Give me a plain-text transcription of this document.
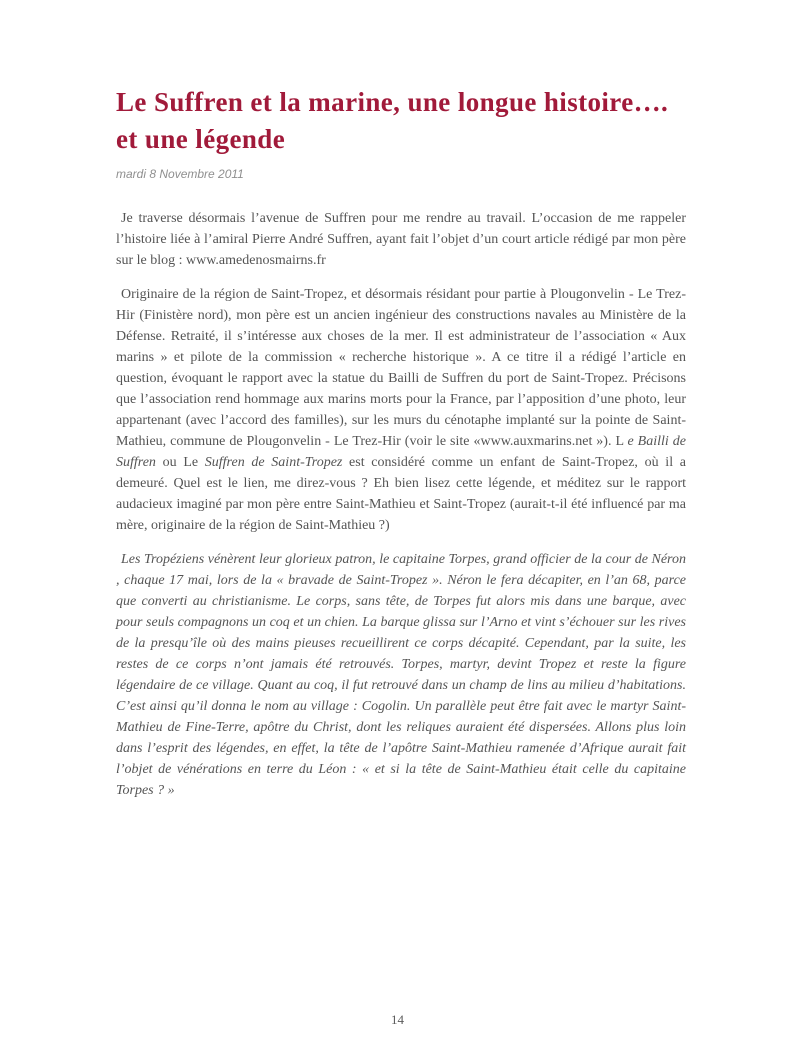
Le Suffren et la marine, une longue histoire…. et une légende
mardi 8 Novembre 2011

Je traverse désormais l’avenue de Suffren pour me rendre au travail. L’occasion de me rappeler l’histoire liée à l’amiral Pierre André Suffren, ayant fait l’objet d’un court article rédigé par mon père sur le blog : www.amedenosmairns.fr

Originaire de la région de Saint-Tropez, et désormais résidant pour partie à Plougonvelin - Le Trez-Hir (Finistère nord), mon père est un ancien ingénieur des constructions navales au Ministère de la Défense. Retraité, il s’intéresse aux choses de la mer. Il est administrateur de l’association « Aux marins » et pilote de la commission « recherche historique ». A ce titre il a rédigé l’article en question, évoquant le rapport avec la statue du Bailli de Suffren du port de Saint-Tropez. Précisons que l’association rend hommage aux marins morts pour la France, par l’apposition d’une photo, leur appartenant (avec l’accord des familles), sur les murs du cénotaphe implanté sur la pointe de Saint-Mathieu, commune de Plougonvelin - Le Trez-Hir (voir le site «www.auxmarins.net »). L e Bailli de Suffren ou Le Suffren de Saint-Tropez est considéré comme un enfant de Saint-Tropez, où il a demeuré. Quel est le lien, me direz-vous ? Eh bien lisez cette légende, et méditez sur le rapport audacieux imaginé par mon père entre Saint-Mathieu et Saint-Tropez (aurait-t-il été influencé par ma mère, originaire de la région de Saint-Mathieu ?)

Les Tropéziens vénèrent leur glorieux patron, le capitaine Torpes, grand officier de la cour de Néron , chaque 17 mai, lors de la « bravade de Saint-Tropez ». Néron le fera décapiter, en l’an 68, parce que converti au christianisme. Le corps, sans tête, de Torpes fut alors mis dans une barque, avec pour seuls compagnons un coq et un chien. La barque glissa sur l’Arno et vint s’échouer sur les rives de la presqu’île où des mains pieuses recueillirent ce corps décapité. Cependant, par la suite, les restes de ce corps n’ont jamais été retrouvés. Torpes, martyr, devint Tropez et reste la figure légendaire de ce village. Quant au coq, il fut retrouvé dans un champ de lins au milieu d’habitations. C’est ainsi qu’il donna le nom au village : Cogolin. Un parallèle peut être fait avec le martyr Saint-Mathieu de Fine-Terre, apôtre du Christ, dont les reliques auraient été dispersées. Allons plus loin dans l’esprit des légendes, en effet, la tête de l’apôtre Saint-Mathieu ramenée d’Afrique aurait fait l’objet de vénérations en terre du Léon : « et si la tête de Saint-Mathieu était celle du capitaine Torpes ? »

14
